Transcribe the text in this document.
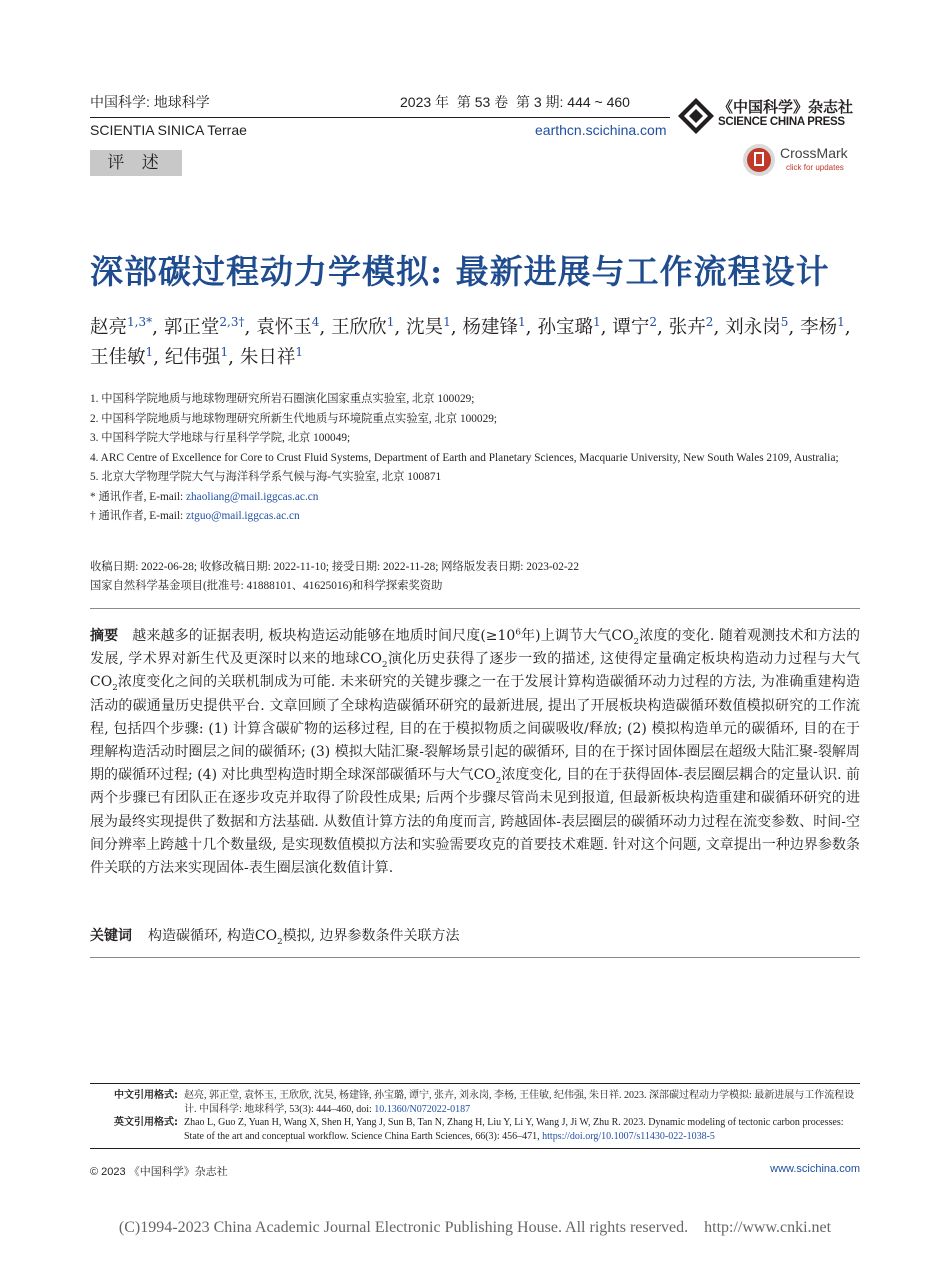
中国科学: 地球科学	2023 年  第 53 卷  第 3 期: 444 ~ 460
SCIENTIA SINICA Terrae	earthcn.scichina.com
《中国科学》杂志社
SCIENCE CHINA PRESS
CrossMark
click for updates
评 述
深部碳过程动力学模拟: 最新进展与工作流程设计
赵亮$^{1,3*}$, 郭正堂$^{2,3\dagger}$, 袁怀玉$^4$, 王欣欣$^1$, 沈昊$^1$, 杨建锋$^1$, 孙宝璐$^1$, 谭宁$^2$, 张卉$^2$, 刘永岗$^5$, 李杨$^1$, 王佳敏$^1$, 纪伟强$^1$, 朱日祥$^1$
1. 中国科学院地质与地球物理研究所岩石圈演化国家重点实验室, 北京 100029;
2. 中国科学院地质与地球物理研究所新生代地质与环境院重点实验室, 北京 100029;
3. 中国科学院大学地球与行星科学学院, 北京 100049;
4. ARC Centre of Excellence for Core to Crust Fluid Systems, Department of Earth and Planetary Sciences, Macquarie University, New South Wales 2109, Australia;
5. 北京大学物理学院大气与海洋科学系气候与海-气实验室, 北京 100871
* 通讯作者, E-mail: zhaoliang@mail.iggcas.ac.cn
† 通讯作者, E-mail: ztguo@mail.iggcas.ac.cn
收稿日期: 2022-06-28; 收修改稿日期: 2022-11-10; 接受日期: 2022-11-28; 网络版发表日期: 2023-02-22
国家自然科学基金项目(批准号: 41888101、41625016)和科学探索奖资助
摘要 越来越多的证据表明, 板块构造运动能够在地质时间尺度($\ge 10^6$年)上调节大气$CO_2$浓度的变化. 随着观测技术和方法的发展, 学术界对新生代及更深时以来的地球$CO_2$演化历史获得了逐步一致的描述, 这使得定量确定板块构造动力过程与大气$CO_2$浓度变化之间的关联机制成为可能. 未来研究的关键步骤之一在于发展计算构造碳循环动力过程的方法, 为准确重建构造活动的碳通量历史提供平台. 文章回顾了全球构造碳循环研究的最新进展, 提出了开展板块构造碳循环数值模拟研究的工作流程, 包括四个步骤: (1) 计算含碳矿物的运移过程, 目的在于模拟物质之间碳吸收/释放; (2) 模拟构造单元的碳循环, 目的在于理解构造活动时圈层之间的碳循环; (3) 模拟大陆汇聚-裂解场景引起的碳循环, 目的在于探讨固体圈层在超级大陆汇聚-裂解周期的碳循环过程; (4) 对比典型构造时期全球深部碳循环与大气$CO_2$浓度变化, 目的在于获得固体-表层圈层耦合的定量认识. 前两个步骤已有团队正在逐步攻克并取得了阶段性成果; 后两个步骤尽管尚未见到报道, 但最新板块构造重建和碳循环研究的进展为最终实现提供了数据和方法基础. 从数值计算方法的角度而言, 跨越固体-表层圈层的碳循环动力过程在流变参数、时间-空间分辨率上跨越十几个数量级, 是实现数值模拟方法和实验需要攻克的首要技术难题. 针对这个问题, 文章提出一种边界参数条件关联的方法来实现固体-表生圈层演化数值计算.
关键词 构造碳循环, 构造$CO_2$模拟, 边界参数条件关联方法
中文引用格式: 赵亮, 郭正堂, 袁怀玉, 王欣欣, 沈昊, 杨建锋, 孙宝璐, 谭宁, 张卉, 刘永岗, 李杨, 王佳敏, 纪伟强, 朱日祥. 2023. 深部碳过程动力学模拟: 最新进展与工作流程设计. 中国科学: 地球科学, 53(3): 444–460, doi: 10.1360/N072022-0187
英文引用格式: Zhao L, Guo Z, Yuan H, Wang X, Shen H, Yang J, Sun B, Tan N, Zhang H, Liu Y, Li Y, Wang J, Ji W, Zhu R. 2023. Dynamic modeling of tectonic carbon processes: State of the art and conceptual workflow. Science China Earth Sciences, 66(3): 456–471, https://doi.org/10.1007/s11430-022-1038-5
© 2023 《中国科学》杂志社	www.scichina.com
(C)1994-2023 China Academic Journal Electronic Publishing House. All rights reserved.    http://www.cnki.net
